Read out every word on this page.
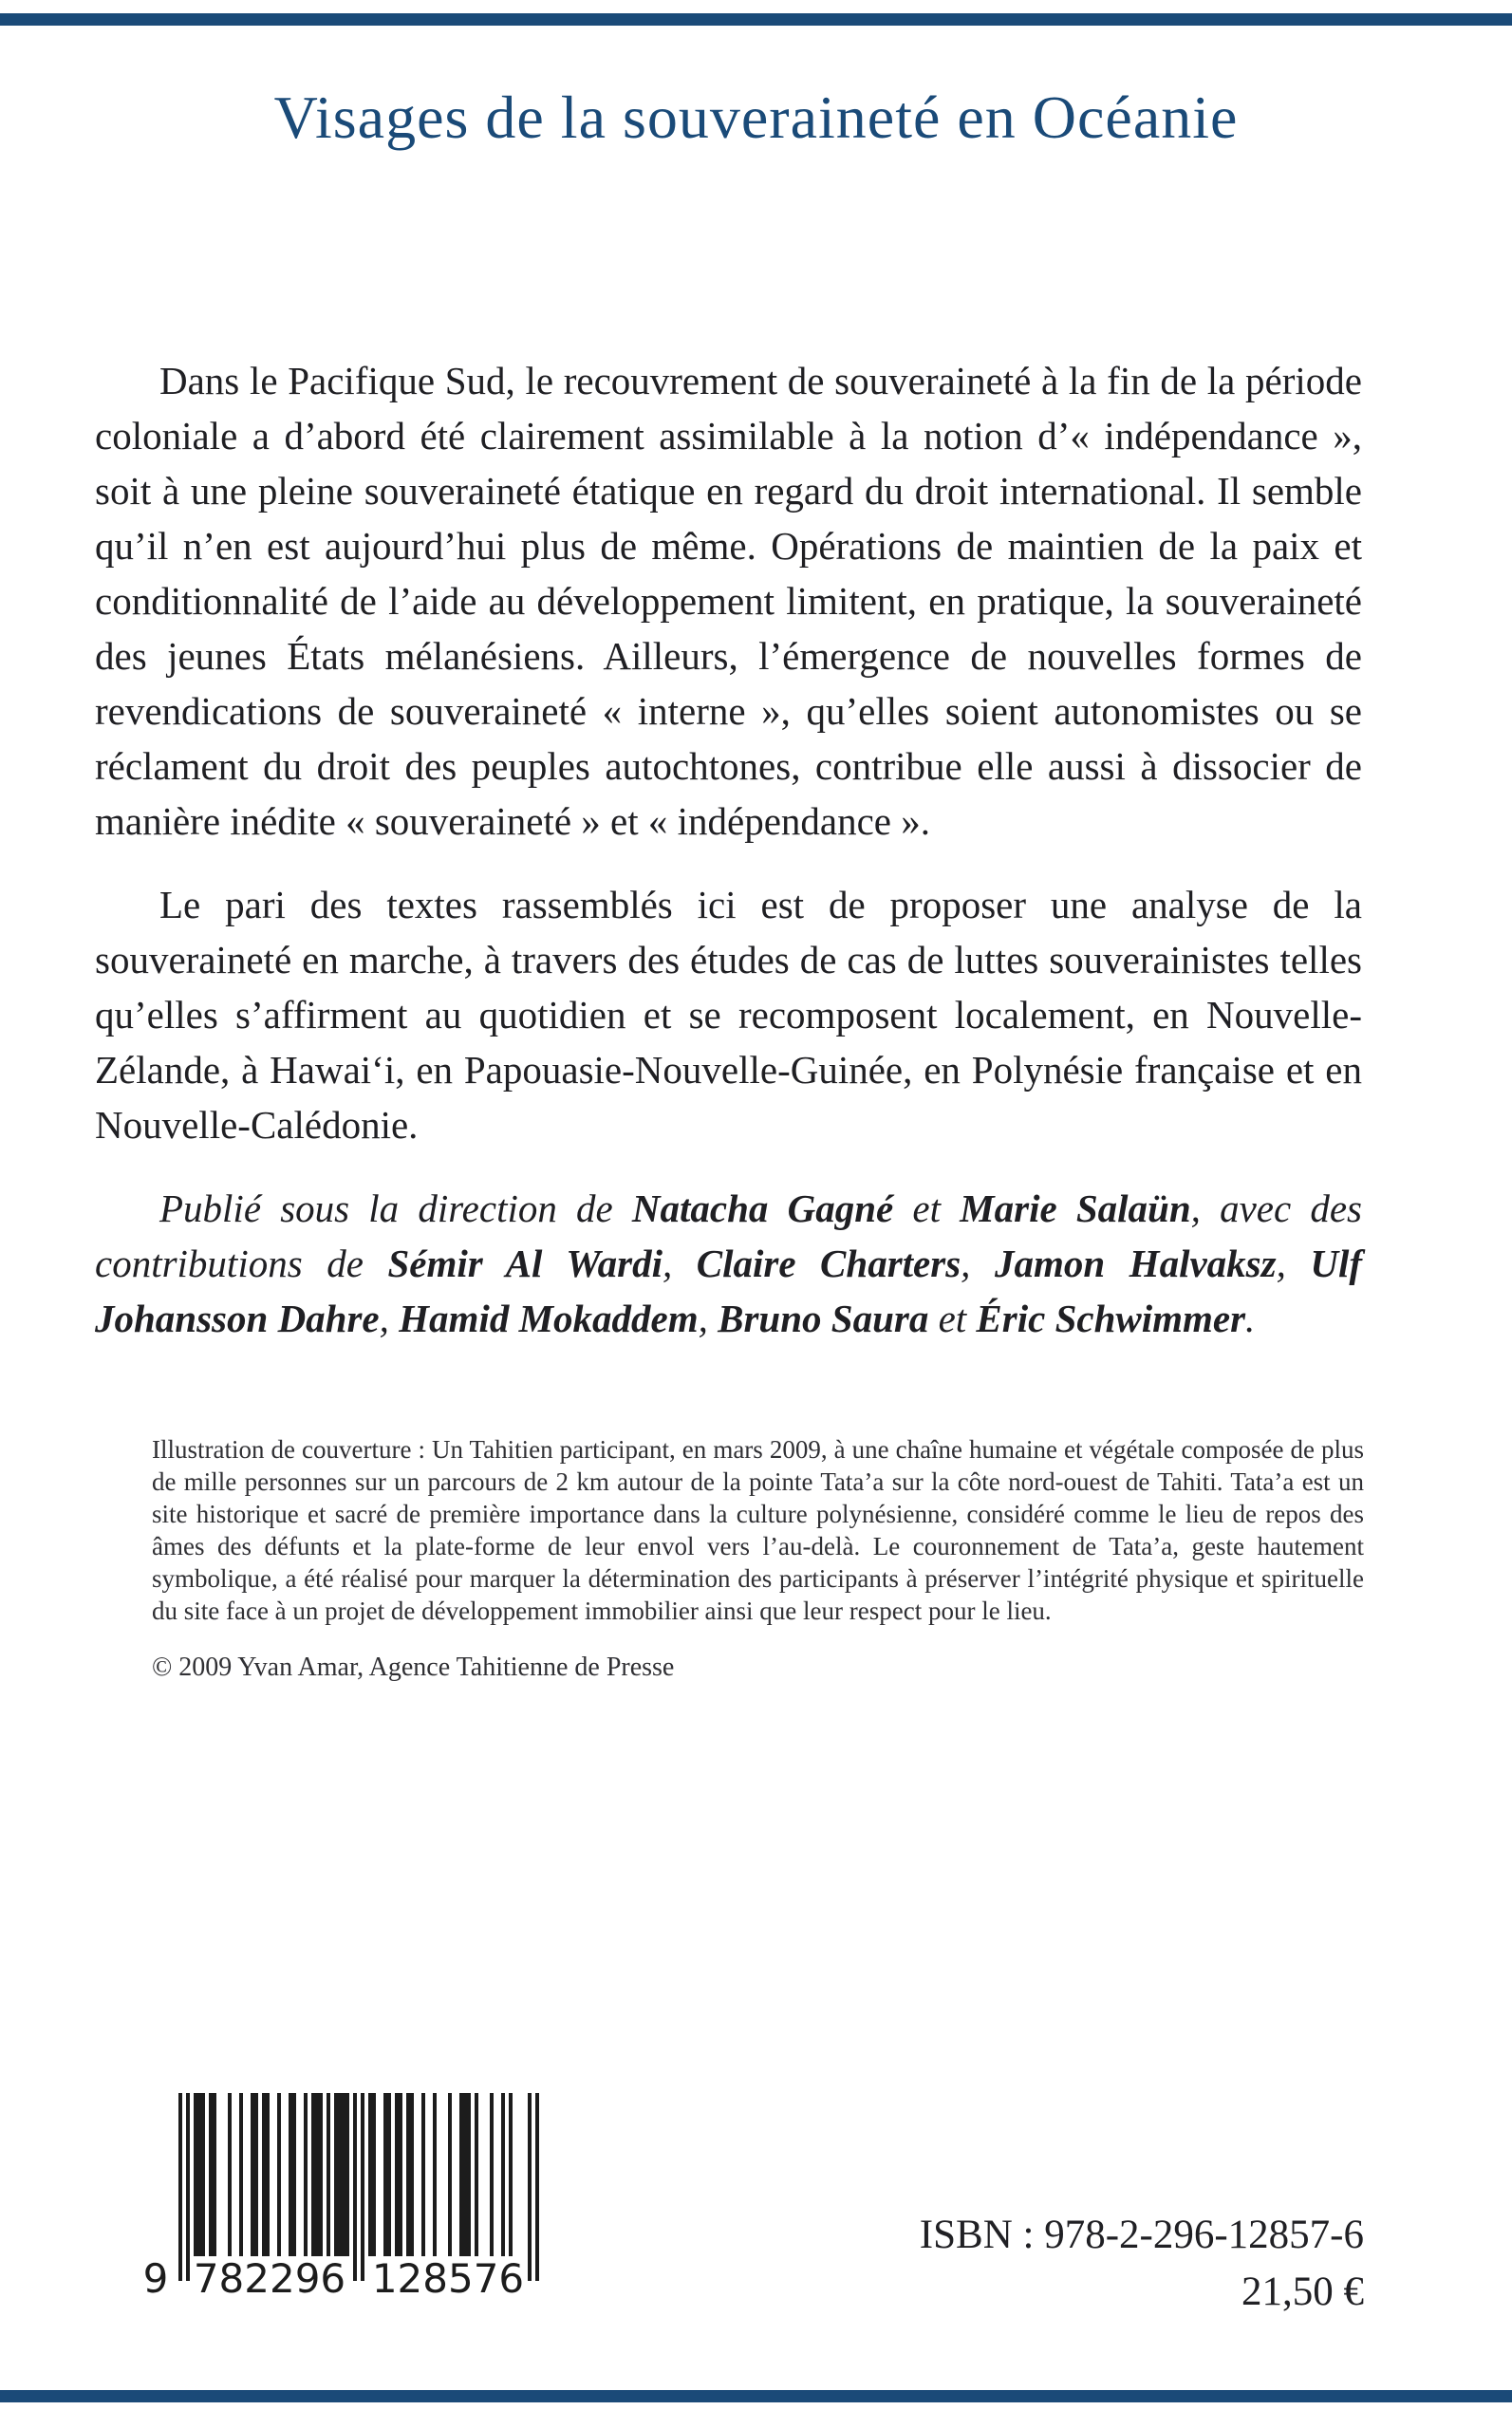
Visages de la souveraineté en Océanie

Dans le Pacifique Sud, le recouvrement de souveraineté à la fin de la période coloniale a d’abord été clairement assimilable à la notion d’« indépendance », soit à une pleine souveraineté étatique en regard du droit international. Il semble qu’il n’en est aujourd’hui plus de même. Opérations de maintien de la paix et conditionnalité de l’aide au développement limitent, en pratique, la souveraineté des jeunes États mélanésiens. Ailleurs, l’émergence de nouvelles formes de revendications de souveraineté « interne », qu’elles soient autonomistes ou se réclament du droit des peuples autochtones, contribue elle aussi à dissocier de manière inédite « souveraineté » et « indépendance ».

Le pari des textes rassemblés ici est de proposer une analyse de la souveraineté en marche, à travers des études de cas de luttes souverainistes telles qu’elles s’affirment au quotidien et se recomposent localement, en Nouvelle-Zélande, à Hawaiʻi, en Papouasie-Nouvelle-Guinée, en Polynésie française et en Nouvelle-Calédonie.

Publié sous la direction de Natacha Gagné et Marie Salaün, avec des contributions de Sémir Al Wardi, Claire Charters, Jamon Halvaksz, Ulf Johansson Dahre, Hamid Mokaddem, Bruno Saura et Éric Schwimmer.

Illustration de couverture : Un Tahitien participant, en mars 2009, à une chaîne humaine et végétale composée de plus de mille personnes sur un parcours de 2 km autour de la pointe Tata’a sur la côte nord-ouest de Tahiti. Tata’a est un site historique et sacré de première importance dans la culture polynésienne, considéré comme le lieu de repos des âmes des défunts et la plate-forme de leur envol vers l’au-delà. Le couronnement de Tata’a, geste hautement symbolique, a été réalisé pour marquer la détermination des participants à préserver l’intégrité physique et spirituelle du site face à un projet de développement immobilier ainsi que leur respect pour le lieu.

© 2009 Yvan Amar, Agence Tahitienne de Presse

9 782296 128576
ISBN : 978-2-296-12857-6
21,50 €
